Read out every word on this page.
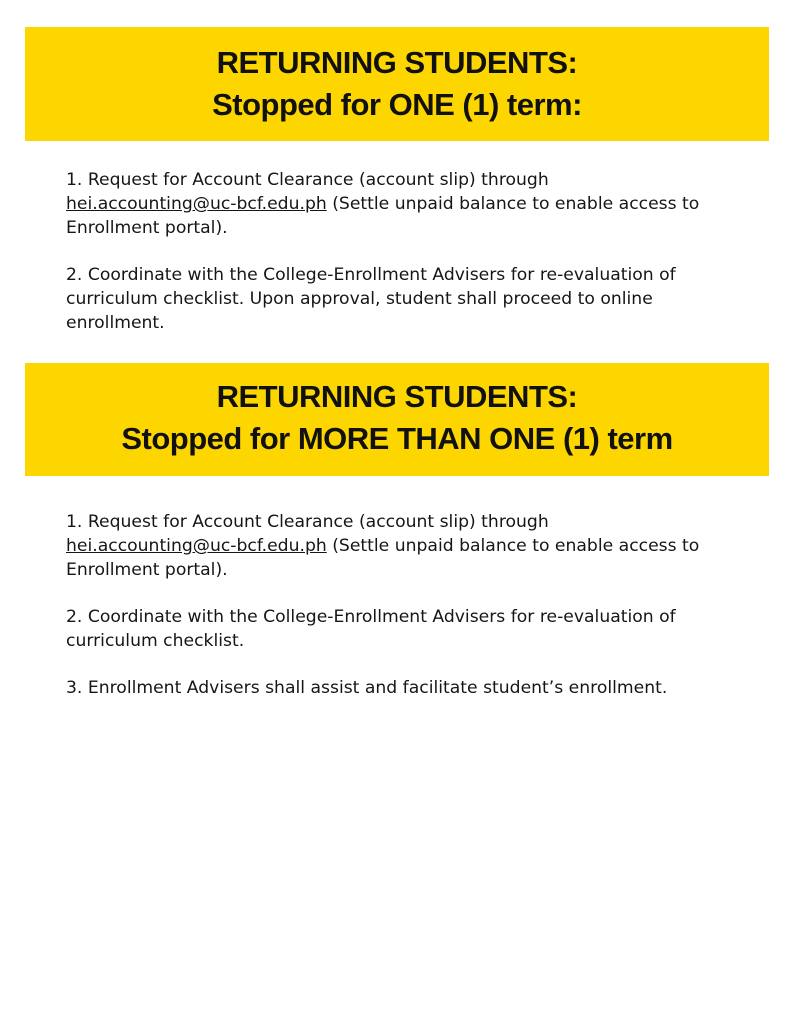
RETURNING STUDENTS:
Stopped for ONE (1) term:

1. Request for Account Clearance (account slip) through
hei.accounting@uc-bcf.edu.ph (Settle unpaid balance to enable access to Enrollment portal).

2. Coordinate with the College-Enrollment Advisers for re-evaluation of curriculum checklist. Upon approval, student shall proceed to online enrollment.

RETURNING STUDENTS:
Stopped for MORE THAN ONE (1) term

1. Request for Account Clearance (account slip) through
hei.accounting@uc-bcf.edu.ph (Settle unpaid balance to enable access to Enrollment portal).

2. Coordinate with the College-Enrollment Advisers for re-evaluation of curriculum checklist.

3. Enrollment Advisers shall assist and facilitate student’s enrollment.
